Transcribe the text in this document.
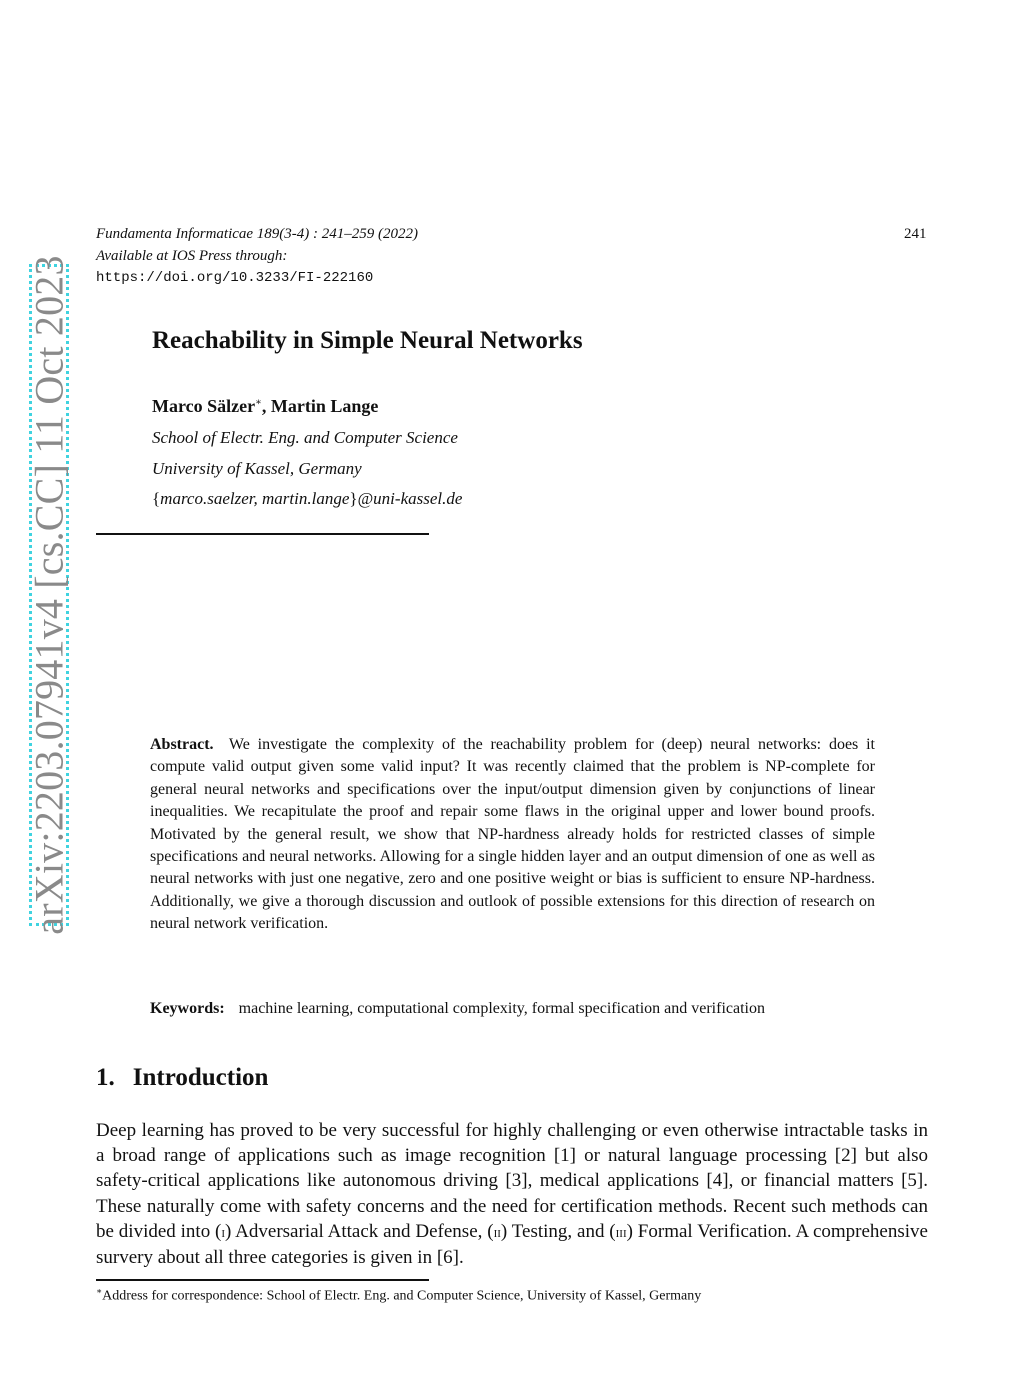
arXiv:2203.07941v4 [cs.CC] 11 Oct 2023
Fundamenta Informaticae 189(3-4) : 241–259 (2022)
Available at IOS Press through:
https://doi.org/10.3233/FI-222160
241
Reachability in Simple Neural Networks
Marco Sälzer∗, Martin Lange
School of Electr. Eng. and Computer Science
University of Kassel, Germany
{marco.saelzer, martin.lange}@uni-kassel.de
Abstract. We investigate the complexity of the reachability problem for (deep) neural networks: does it compute valid output given some valid input? It was recently claimed that the problem is NP-complete for general neural networks and specifications over the input/output dimension given by conjunctions of linear inequalities. We recapitulate the proof and repair some flaws in the original upper and lower bound proofs. Motivated by the general result, we show that NP-hardness already holds for restricted classes of simple specifications and neural networks. Allowing for a single hidden layer and an output dimension of one as well as neural networks with just one negative, zero and one positive weight or bias is sufficient to ensure NP-hardness. Additionally, we give a thorough discussion and outlook of possible extensions for this direction of research on neural network verification.
Keywords: machine learning, computational complexity, formal specification and verification
1. Introduction
Deep learning has proved to be very successful for highly challenging or even otherwise intractable tasks in a broad range of applications such as image recognition [1] or natural language processing [2] but also safety-critical applications like autonomous driving [3], medical applications [4], or financial matters [5]. These naturally come with safety concerns and the need for certification methods. Recent such methods can be divided into (i) Adversarial Attack and Defense, (ii) Testing, and (iii) Formal Verification. A comprehensive survery about all three categories is given in [6].
∗Address for correspondence: School of Electr. Eng. and Computer Science, University of Kassel, Germany
